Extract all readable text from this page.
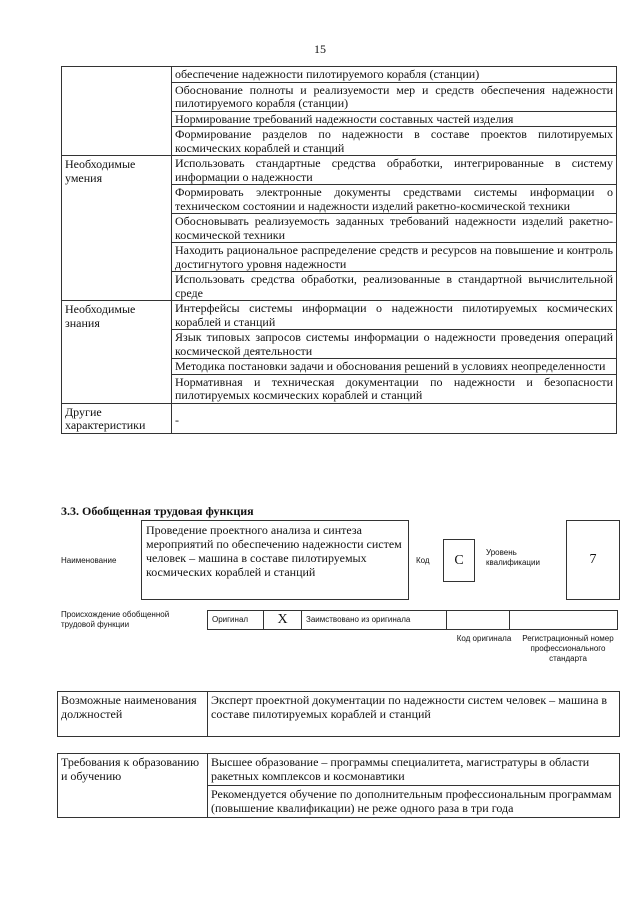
15
	обеспечение надежности пилотируемого корабля (станции)
	Обоснование полноты и реализуемости мер и средств обеспечения надежности пилотируемого корабля (станции)
	Нормирование требований надежности составных частей изделия
	Формирование разделов по надежности в составе проектов пилотируемых космических кораблей и станций
Необходимые умения	Использовать стандартные средства обработки, интегрированные в систему информации о надежности
	Формировать электронные документы средствами системы информации о техническом состоянии и надежности изделий ракетно-космической техники
	Обосновывать реализуемость заданных требований надежности изделий ракетно-космической техники
	Находить рациональное распределение средств и ресурсов на повышение и контроль достигнутого уровня надежности
	Использовать средства обработки, реализованные в стандартной вычислительной среде
Необходимые знания	Интерфейсы системы информации о надежности пилотируемых космических кораблей и станций
	Язык типовых запросов системы информации о надежности проведения операций космической деятельности
	Методика постановки задачи и обоснования решений в условиях неопределенности
	Нормативная и техническая документации по надежности и безопасности пилотируемых космических кораблей и станций
Другие характеристики	-
3.3. Обобщенная трудовая функция
Наименование
Проведение проектного анализа и синтеза мероприятий по обеспечению надежности систем человек – машина в составе пилотируемых космических кораблей и станций
Код	C	Уровень квалификации	7
Происхождение обобщенной трудовой функции
Оригинал X Заимствовано из оригинала
Код оригинала	Регистрационный номер профессионального стандарта
Возможные наименования должностей	Эксперт проектной документации по надежности систем человек – машина в составе пилотируемых кораблей и станций
Требования к образованию и обучению	Высшее образование – программы специалитета, магистратуры в области ракетных комплексов и космонавтики
Рекомендуется обучение по дополнительным профессиональным программам (повышение квалификации) не реже одного раза в три года
